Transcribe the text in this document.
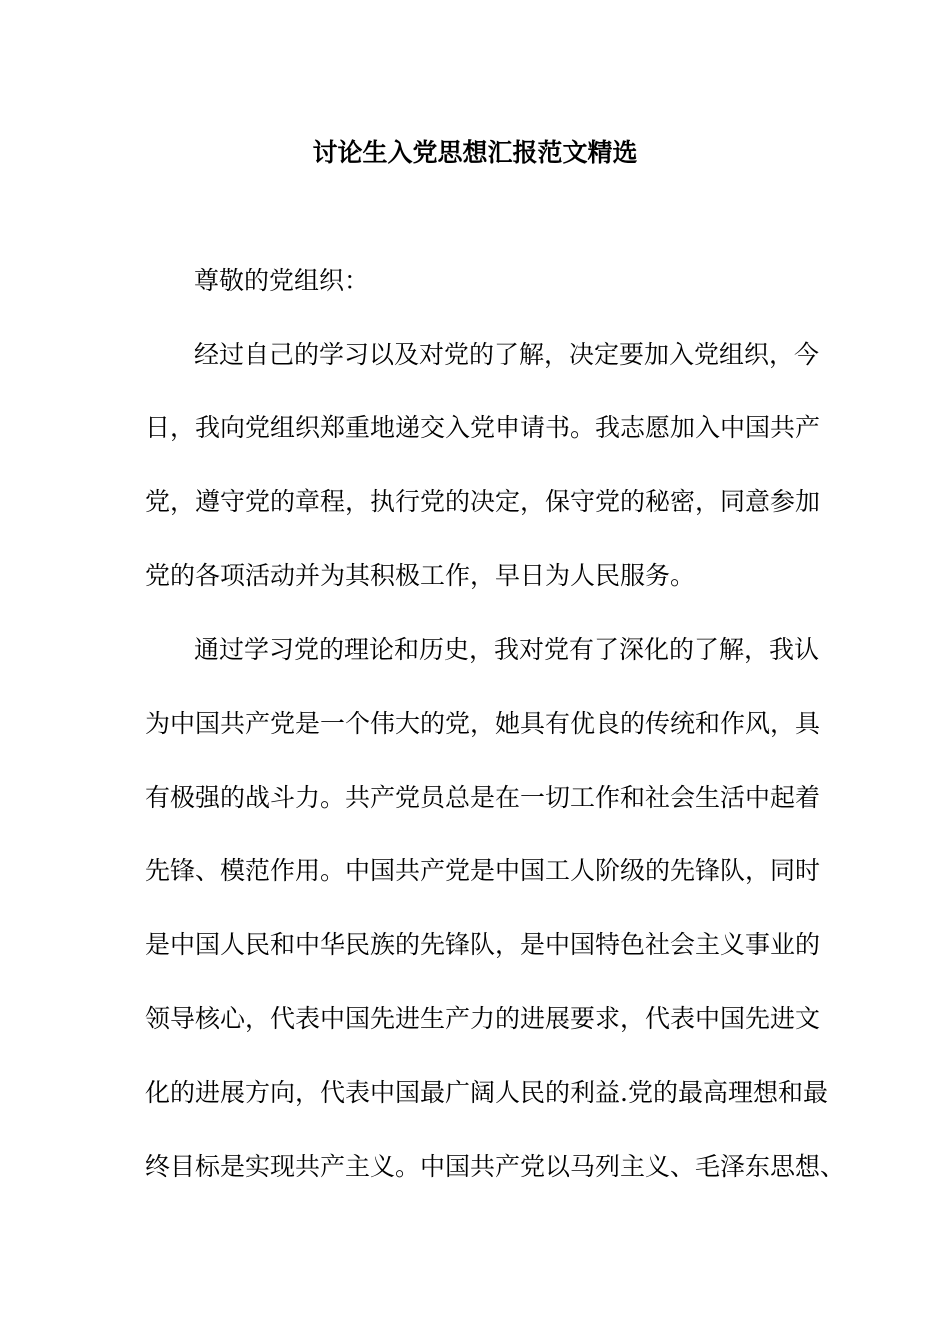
讨论生入党思想汇报范文精选
尊敬的党组织：
经过自己的学习以及对党的了解，决定要加入党组织，今
日，我向党组织郑重地递交入党申请书。我志愿加入中国共产
党，遵守党的章程，执行党的决定，保守党的秘密，同意参加
党的各项活动并为其积极工作，早日为人民服务。
通过学习党的理论和历史，我对党有了深化的了解，我认
为中国共产党是一个伟大的党，她具有优良的传统和作风，具
有极强的战斗力。共产党员总是在一切工作和社会生活中起着
先锋、模范作用。中国共产党是中国工人阶级的先锋队，同时
是中国人民和中华民族的先锋队，是中国特色社会主义事业的
领导核心，代表中国先进生产力的进展要求，代表中国先进文
化的进展方向，代表中国最广阔人民的利益.党的最高理想和最
终目标是实现共产主义。中国共产党以马列主义、毛泽东思想、
